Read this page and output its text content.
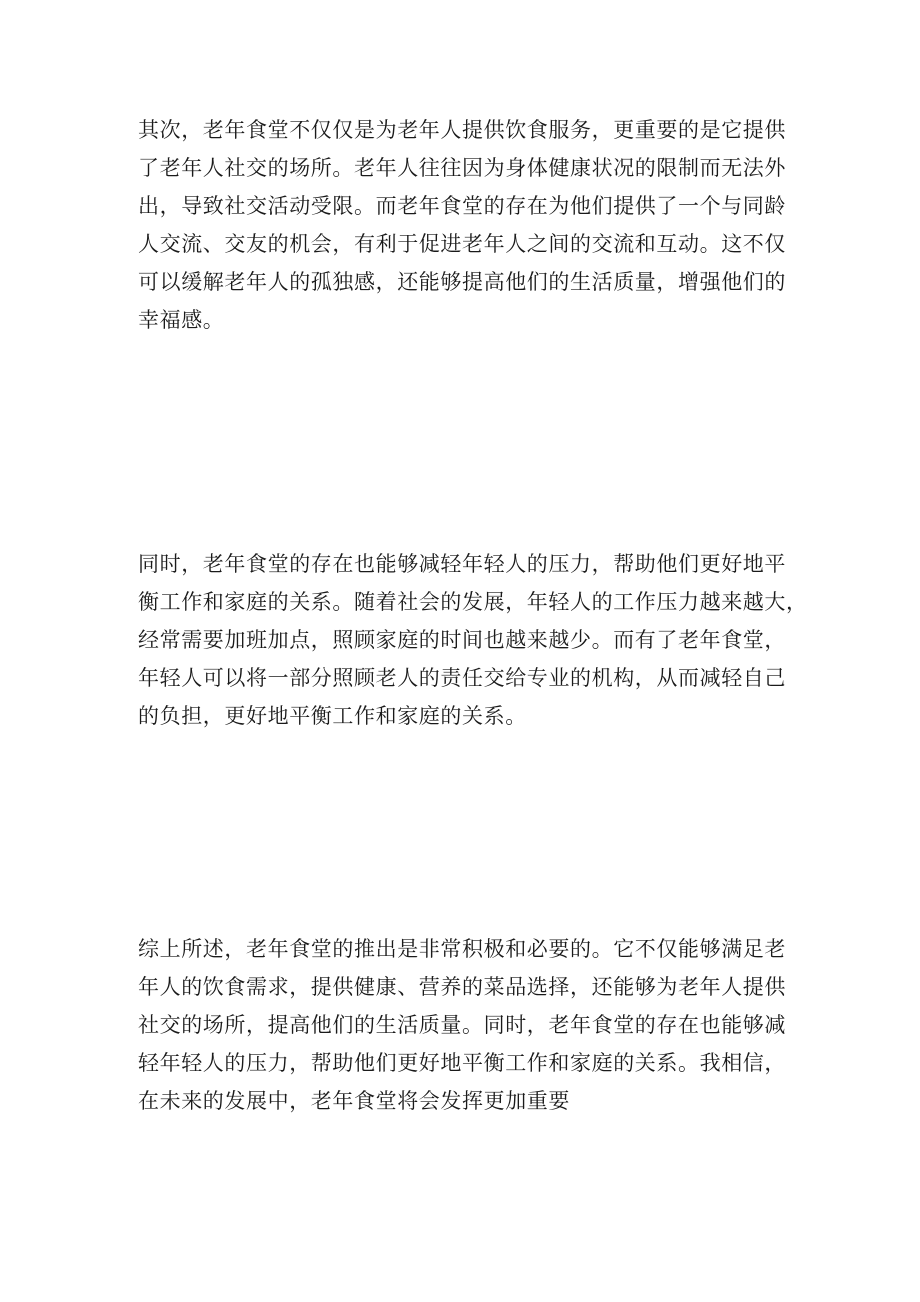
其次，老年食堂不仅仅是为老年人提供饮食服务，更重要的是它提供
了老年人社交的场所。老年人往往因为身体健康状况的限制而无法外
出，导致社交活动受限。而老年食堂的存在为他们提供了一个与同龄
人交流、交友的机会，有利于促进老年人之间的交流和互动。这不仅
可以缓解老年人的孤独感，还能够提高他们的生活质量，增强他们的
幸福感。

同时，老年食堂的存在也能够减轻年轻人的压力，帮助他们更好地平
衡工作和家庭的关系。随着社会的发展，年轻人的工作压力越来越大，
经常需要加班加点，照顾家庭的时间也越来越少。而有了老年食堂，
年轻人可以将一部分照顾老人的责任交给专业的机构，从而减轻自己
的负担，更好地平衡工作和家庭的关系。

综上所述，老年食堂的推出是非常积极和必要的。它不仅能够满足老
年人的饮食需求，提供健康、营养的菜品选择，还能够为老年人提供
社交的场所，提高他们的生活质量。同时，老年食堂的存在也能够减
轻年轻人的压力，帮助他们更好地平衡工作和家庭的关系。我相信，
在未来的发展中，老年食堂将会发挥更加重要
